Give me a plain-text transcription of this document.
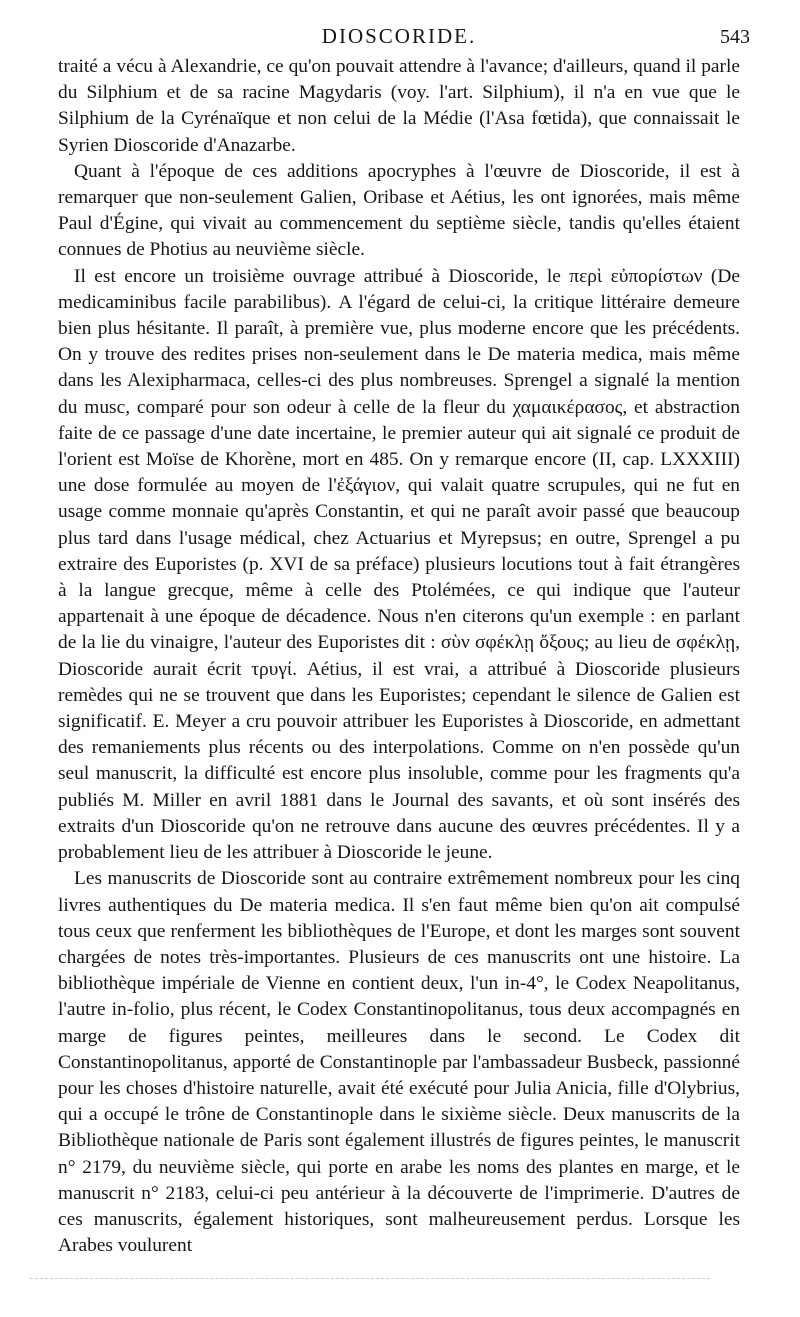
DIOSCORIDE.	543

traité a vécu à Alexandrie, ce qu'on pouvait attendre à l'avance; d'ailleurs, quand il parle du Silphium et de sa racine Magydaris (voy. l'art. Silphium), il n'a en vue que le Silphium de la Cyrénaïque et non celui de la Médie (l'Asa fœtida), que connaissait le Syrien Dioscoride d'Anazarbe.

Quant à l'époque de ces additions apocryphes à l'œuvre de Dioscoride, il est à remarquer que non-seulement Galien, Oribase et Aétius, les ont ignorées, mais même Paul d'Égine, qui vivait au commencement du septième siècle, tandis qu'elles étaient connues de Photius au neuvième siècle.

Il est encore un troisième ouvrage attribué à Dioscoride, le περὶ εὐπορίστων (De medicaminibus facile parabilibus). A l'égard de celui-ci, la critique littéraire demeure bien plus hésitante. Il paraît, à première vue, plus moderne encore que les précédents. On y trouve des redites prises non-seulement dans le De materia medica, mais même dans les Alexipharmaca, celles-ci des plus nombreuses. Sprengel a signalé la mention du musc, comparé pour son odeur à celle de la fleur du χαμαικέρασος, et abstraction faite de ce passage d'une date incertaine, le premier auteur qui ait signalé ce produit de l'orient est Moïse de Khorène, mort en 485. On y remarque encore (II, cap. LXXXIII) une dose formulée au moyen de l'ἐξάγιον, qui valait quatre scrupules, qui ne fut en usage comme monnaie qu'après Constantin, et qui ne paraît avoir passé que beaucoup plus tard dans l'usage médical, chez Actuarius et Myrepsus; en outre, Sprengel a pu extraire des Euporistes (p. XVI de sa préface) plusieurs locutions tout à fait étrangères à la langue grecque, même à celle des Ptolémées, ce qui indique que l'auteur appartenait à une époque de décadence. Nous n'en citerons qu'un exemple : en parlant de la lie du vinaigre, l'auteur des Euporistes dit : σὺν σφέκλῃ ὄξους; au lieu de σφέκλῃ, Dioscoride aurait écrit τρυγί. Aétius, il est vrai, a attribué à Dioscoride plusieurs remèdes qui ne se trouvent que dans les Euporistes; cependant le silence de Galien est significatif. E. Meyer a cru pouvoir attribuer les Euporistes à Dioscoride, en admettant des remaniements plus récents ou des interpolations. Comme on n'en possède qu'un seul manuscrit, la difficulté est encore plus insoluble, comme pour les fragments qu'a publiés M. Miller en avril 1881 dans le Journal des savants, et où sont insérés des extraits d'un Dioscoride qu'on ne retrouve dans aucune des œuvres précédentes. Il y a probablement lieu de les attribuer à Dioscoride le jeune.

Les manuscrits de Dioscoride sont au contraire extrêmement nombreux pour les cinq livres authentiques du De materia medica. Il s'en faut même bien qu'on ait compulsé tous ceux que renferment les bibliothèques de l'Europe, et dont les marges sont souvent chargées de notes très-importantes. Plusieurs de ces manuscrits ont une histoire. La bibliothèque impériale de Vienne en contient deux, l'un in-4°, le Codex Neapolitanus, l'autre in-folio, plus récent, le Codex Constantinopolitanus, tous deux accompagnés en marge de figures peintes, meilleures dans le second. Le Codex dit Constantinopolitanus, apporté de Constantinople par l'ambassadeur Busbeck, passionné pour les choses d'histoire naturelle, avait été exécuté pour Julia Anicia, fille d'Olybrius, qui a occupé le trône de Constantinople dans le sixième siècle. Deux manuscrits de la Bibliothèque nationale de Paris sont également illustrés de figures peintes, le manuscrit n° 2179, du neuvième siècle, qui porte en arabe les noms des plantes en marge, et le manuscrit n° 2183, celui-ci peu antérieur à la découverte de l'imprimerie. D'autres de ces manuscrits, également historiques, sont malheureusement perdus. Lorsque les Arabes voulurent
